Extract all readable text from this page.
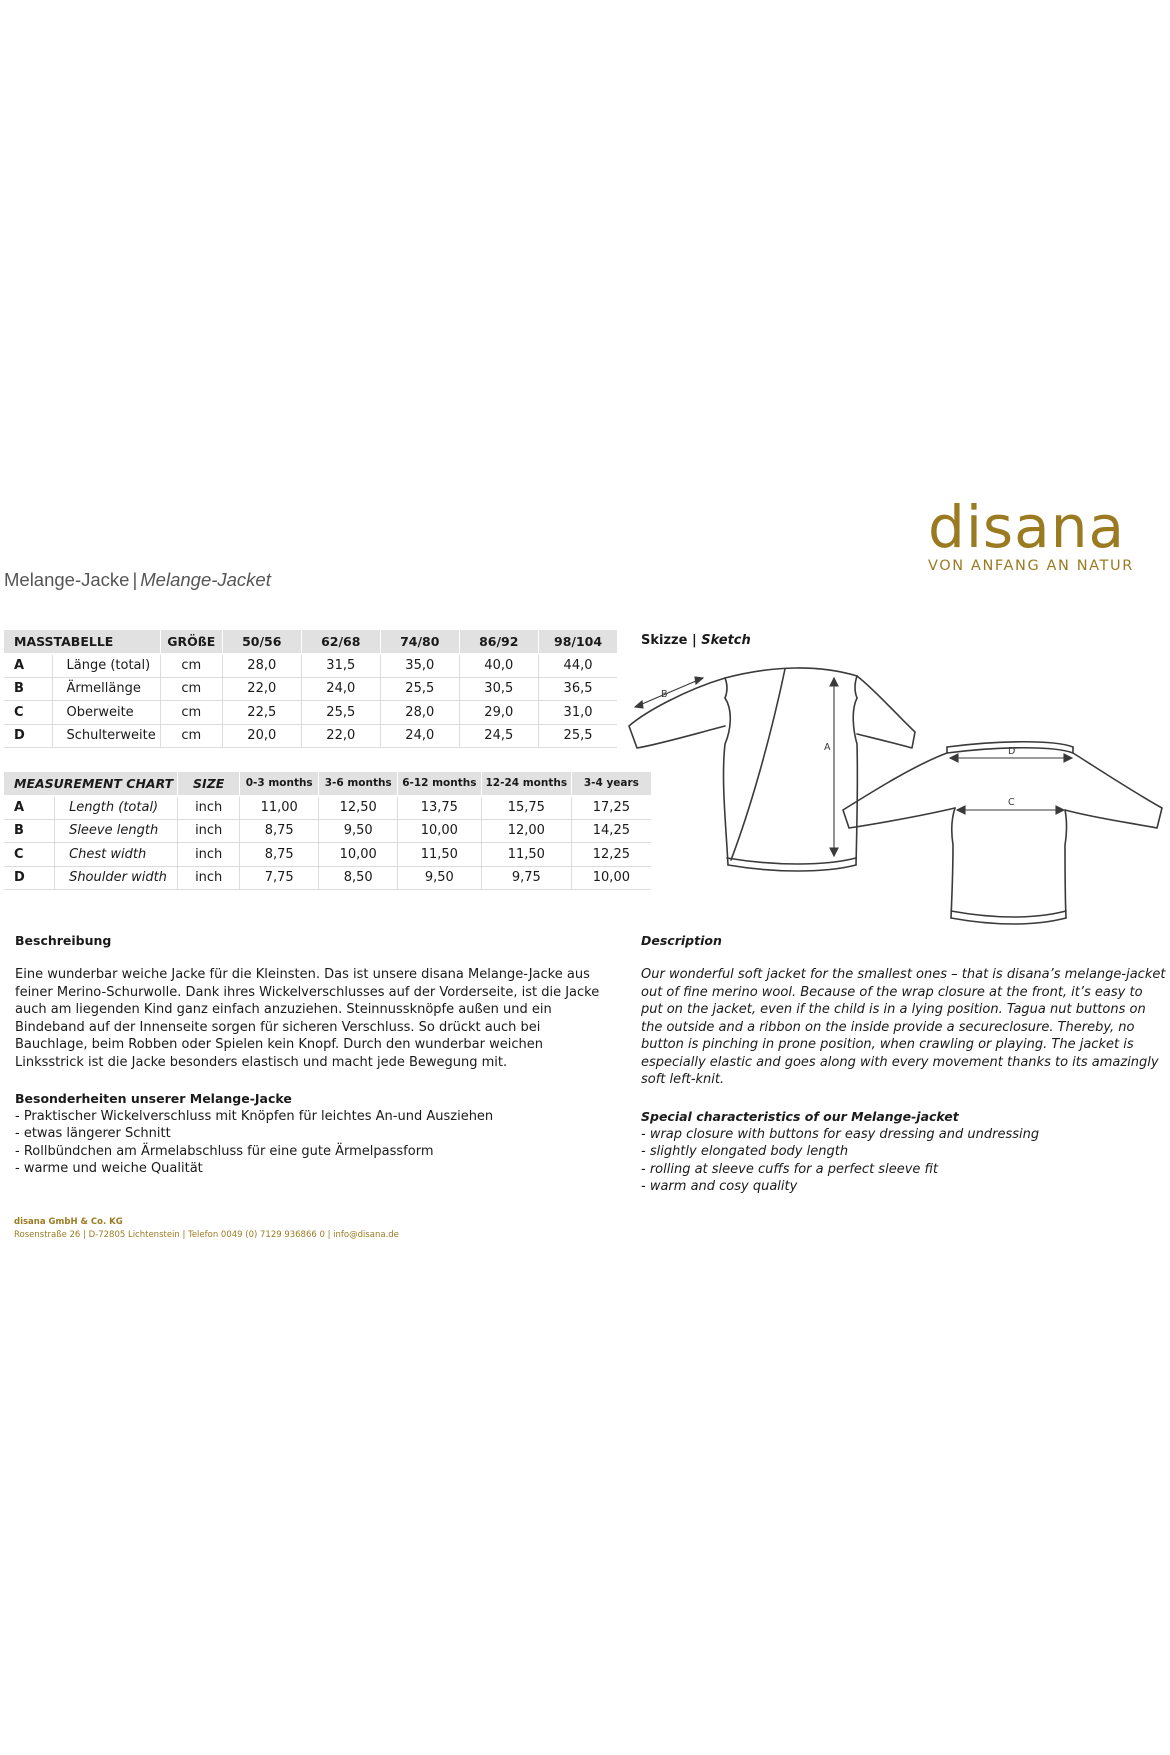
disana
VON ANFANG AN NATUR
Melange-Jacke | Melange-Jacket
MASSTABELLE		GRÖßE	50/56	62/68	74/80	86/92	98/104
A	Länge (total)	cm	28,0	31,5	35,0	40,0	44,0
B	Ärmellänge	cm	22,0	24,0	25,5	30,5	36,5
C	Oberweite	cm	22,5	25,5	28,0	29,0	31,0
D	Schulterweite	cm	20,0	22,0	24,0	24,5	25,5
MEASUREMENT CHART		SIZE	0-3 months	3-6 months	6-12 months	12-24 months	3-4 years
A	Length (total)	inch	11,00	12,50	13,75	15,75	17,25
B	Sleeve length	inch	8,75	9,50	10,00	12,00	14,25
C	Chest width	inch	8,75	10,00	11,50	11,50	12,25
D	Shoulder width	inch	7,75	8,50	9,50	9,75	10,00
Skizze | Sketch
B
A	D
C
Beschreibung

Eine wunderbar weiche Jacke für die Kleinsten. Das ist unsere disana Melange-Jacke aus feiner Merino-Schurwolle. Dank ihres Wickelverschlusses auf der Vorderseite, ist die Jacke auch am liegenden Kind ganz einfach anzuziehen. Steinnussknöpfe außen und ein Bindeband auf der Innenseite sorgen für sicheren Verschluss. So drückt auch bei Bauchlage, beim Robben oder Spielen kein Knopf. Durch den wunderbar weichen Linksstrick ist die Jacke besonders elastisch und macht jede Bewegung mit.

Besonderheiten unserer Melange-Jacke
- Praktischer Wickelverschluss mit Knöpfen für leichtes An-und Ausziehen
- etwas längerer Schnitt
- Rollbündchen am Ärmelabschluss für eine gute Ärmelpassform
- warme und weiche Qualität
Description

Our wonderful soft jacket for the smallest ones – that is disana’s melange-jacket out of fine merino wool. Because of the wrap closure at the front, it’s easy to put on the jacket, even if the child is in a lying position. Tagua nut buttons on the outside and a ribbon on the inside provide a secureclosure. Thereby, no button is pinching in prone position, when crawling or playing. The jacket is especially elastic and goes along with every movement thanks to its amazingly soft left-knit.

Special characteristics of our Melange-jacket
- wrap closure with buttons for easy dressing and undressing
- slightly elongated body length
- rolling at sleeve cuffs for a perfect sleeve fit
- warm and cosy quality
disana GmbH & Co. KG
Rosenstraße 26 | D-72805 Lichtenstein | Telefon 0049 (0) 7129 936866 0 | info@disana.de
